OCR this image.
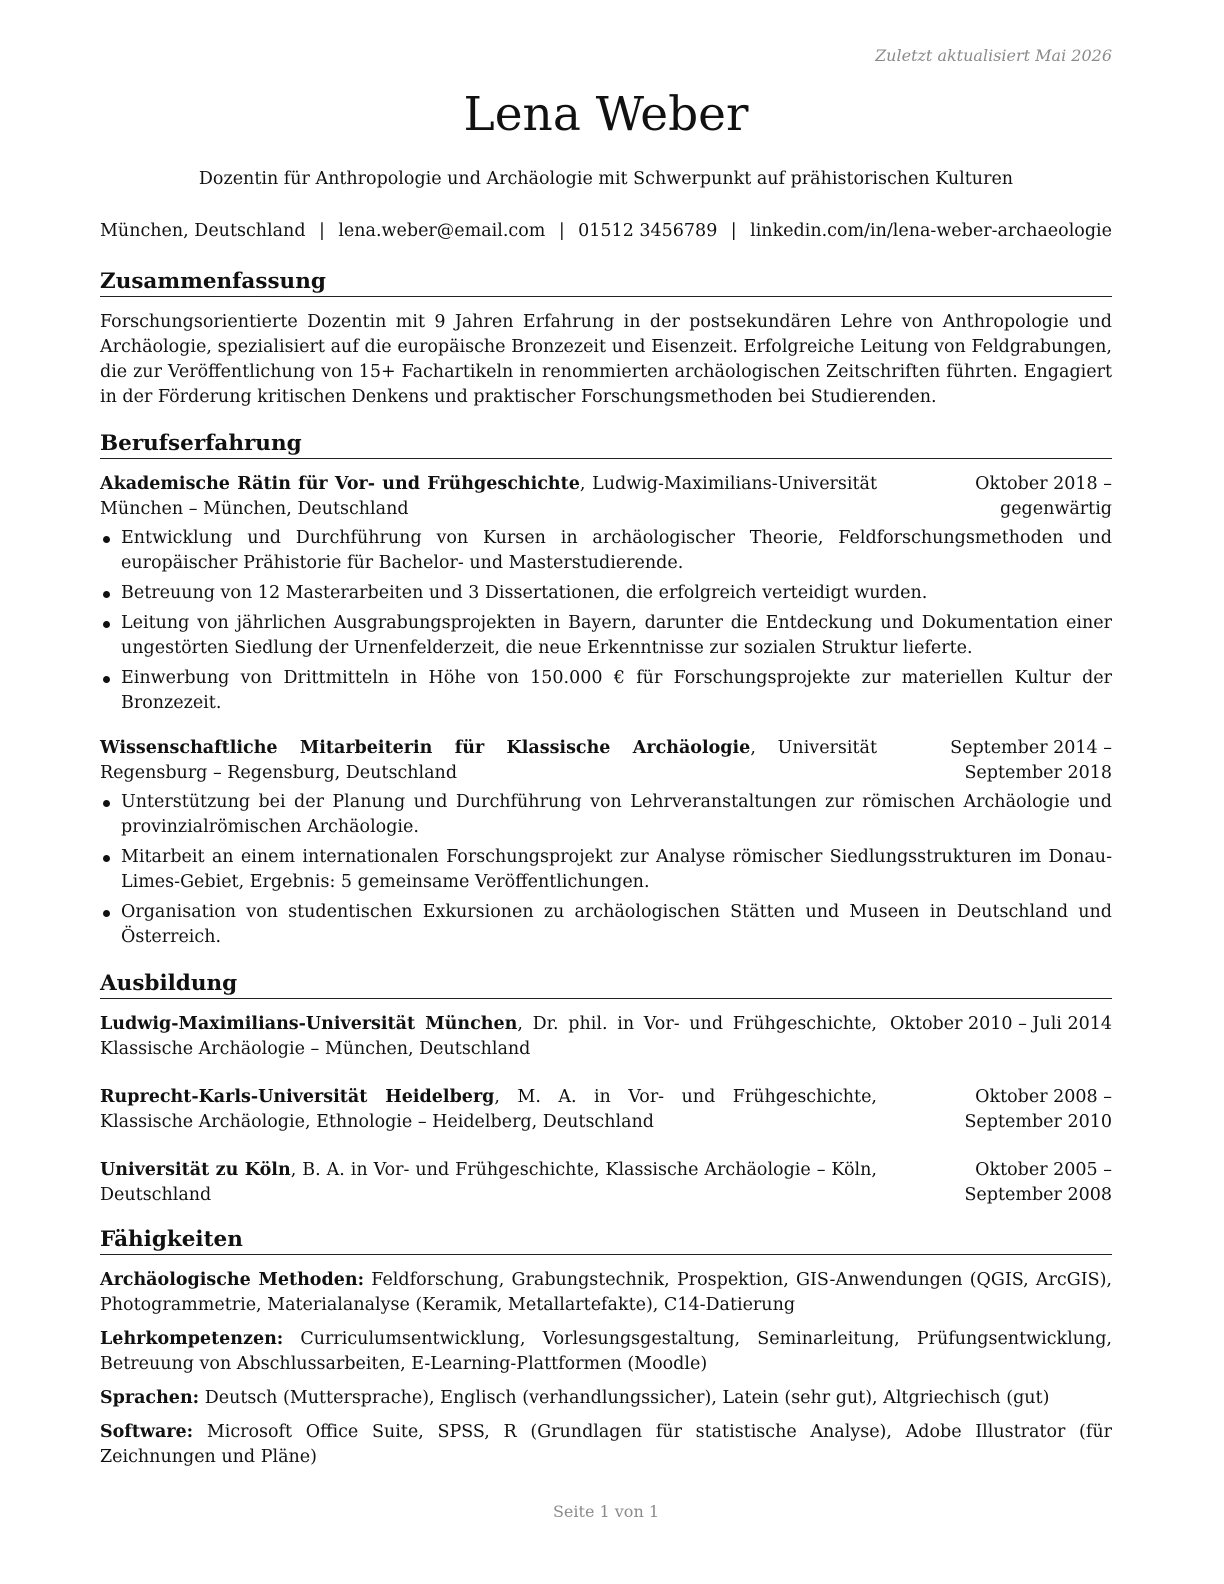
Zuletzt aktualisiert Mai 2026
Lena Weber
Dozentin für Anthropologie und Archäologie mit Schwerpunkt auf prähistorischen Kulturen
München, Deutschland | lena.weber@email.com | 01512 3456789 | linkedin.com/in/lena-weber-archaeologie
Zusammenfassung

Forschungsorientierte Dozentin mit 9 Jahren Erfahrung in der postsekundären Lehre von Anthropologie und Archäologie, spezialisiert auf die europäische Bronzezeit und Eisenzeit. Erfolgreiche Leitung von Feldgrabungen, die zur Veröffentlichung von 15+ Fachartikeln in renommierten archäologischen Zeitschriften führten. Engagiert in der Förderung kritischen Denkens und praktischer Forschungsmethoden bei Studierenden.

Berufserfahrung
Akademische Rätin für Vor- und Frühgeschichte, Ludwig-Maximilians-Universität München – München, Deutschland
Oktober 2018 – gegenwärtig
Entwicklung und Durchführung von Kursen in archäologischer Theorie, Feldforschungsmethoden und europäischer Prähistorie für Bachelor- und Masterstudierende.
Betreuung von 12 Masterarbeiten und 3 Dissertationen, die erfolgreich verteidigt wurden.
Leitung von jährlichen Ausgrabungsprojekten in Bayern, darunter die Entdeckung und Dokumentation einer ungestörten Siedlung der Urnenfelderzeit, die neue Erkenntnisse zur sozialen Struktur lieferte.
Einwerbung von Drittmitteln in Höhe von 150.000 € für Forschungsprojekte zur materiellen Kultur der Bronzezeit.
Wissenschaftliche Mitarbeiterin für Klassische Archäologie, Universität Regensburg – Regensburg, Deutschland
September 2014 – September 2018
Unterstützung bei der Planung und Durchführung von Lehrveranstaltungen zur römischen Archäologie und provinzialrömischen Archäologie.
Mitarbeit an einem internationalen Forschungsprojekt zur Analyse römischer Siedlungsstrukturen im Donau-Limes-Gebiet, Ergebnis: 5 gemeinsame Veröffentlichungen.
Organisation von studentischen Exkursionen zu archäologischen Stätten und Museen in Deutschland und Österreich.
Ausbildung
Ludwig-Maximilians-Universität München, Dr. phil. in Vor- und Frühgeschichte, Klassische Archäologie – München, Deutschland
Oktober 2010 – Juli 2014
Ruprecht-Karls-Universität Heidelberg, M. A. in Vor- und Frühgeschichte, Klassische Archäologie, Ethnologie – Heidelberg, Deutschland
Oktober 2008 – September 2010
Universität zu Köln, B. A. in Vor- und Frühgeschichte, Klassische Archäologie – Köln, Deutschland
Oktober 2005 – September 2008
Fähigkeiten

Archäologische Methoden: Feldforschung, Grabungstechnik, Prospektion, GIS-Anwendungen (QGIS, ArcGIS), Photogrammetrie, Materialanalyse (Keramik, Metallartefakte), C14-Datierung

Lehrkompetenzen: Curriculumsentwicklung, Vorlesungsgestaltung, Seminarleitung, Prüfungsentwicklung, Betreuung von Abschlussarbeiten, E-Learning-Plattformen (Moodle)

Sprachen: Deutsch (Muttersprache), Englisch (verhandlungssicher), Latein (sehr gut), Altgriechisch (gut)

Software: Microsoft Office Suite, SPSS, R (Grundlagen für statistische Analyse), Adobe Illustrator (für Zeichnungen und Pläne)

Seite 1 von 1
